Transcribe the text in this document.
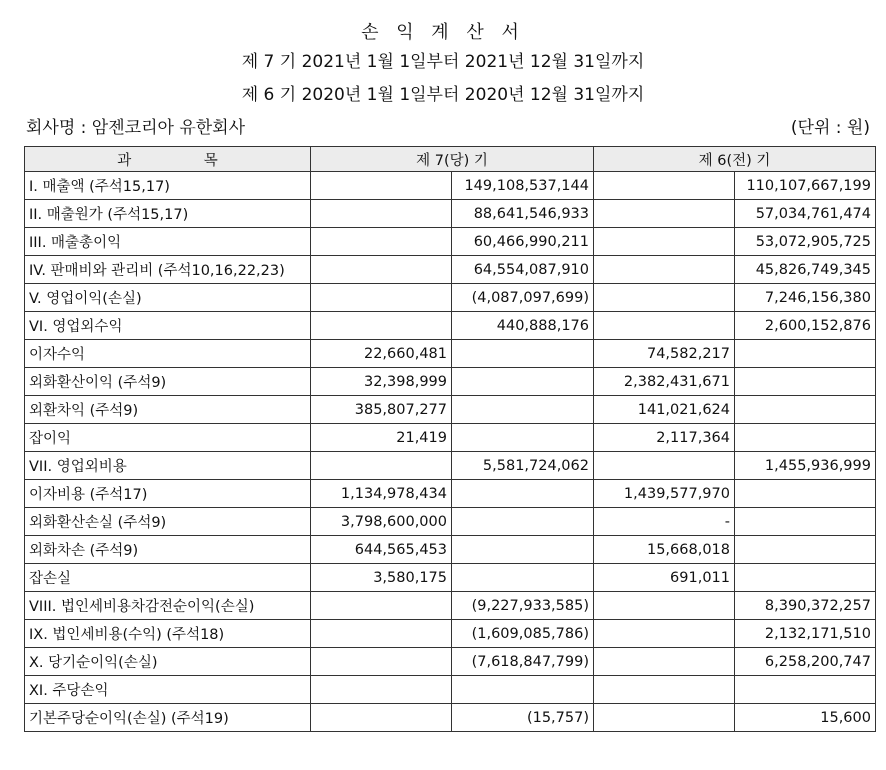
손 익 계 산 서
제 7 기 2021년 1월 1일부터 2021년 12월 31일까지
제 6 기 2020년 1월 1일부터 2020년 12월 31일까지
회사명 : 암젠코리아 유한회사	(단위 : 원)
과　　　　　목	제 7(당) 기		제 6(전) 기	
I. 매출액 (주석15,17)		149,108,537,144		110,107,667,199
II. 매출원가 (주석15,17)		88,641,546,933		57,034,761,474
III. 매출총이익		60,466,990,211		53,072,905,725
IV. 판매비와 관리비 (주석10,16,22,23)		64,554,087,910		45,826,749,345
V. 영업이익(손실)		(4,087,097,699)		7,246,156,380
VI. 영업외수익		440,888,176		2,600,152,876
이자수익	22,660,481		74,582,217	
외화환산이익 (주석9)	32,398,999		2,382,431,671	
외환차익 (주석9)	385,807,277		141,021,624	
잡이익	21,419		2,117,364	
VII. 영업외비용		5,581,724,062		1,455,936,999
이자비용 (주석17)	1,134,978,434		1,439,577,970	
외화환산손실 (주석9)	3,798,600,000		-	
외화차손 (주석9)	644,565,453		15,668,018	
잡손실	3,580,175		691,011	
VIII. 법인세비용차감전순이익(손실)		(9,227,933,585)		8,390,372,257
IX. 법인세비용(수익) (주석18)		(1,609,085,786)		2,132,171,510
X. 당기순이익(손실)		(7,618,847,799)		6,258,200,747
XI. 주당손익				
기본주당순이익(손실) (주석19)		(15,757)		15,600
